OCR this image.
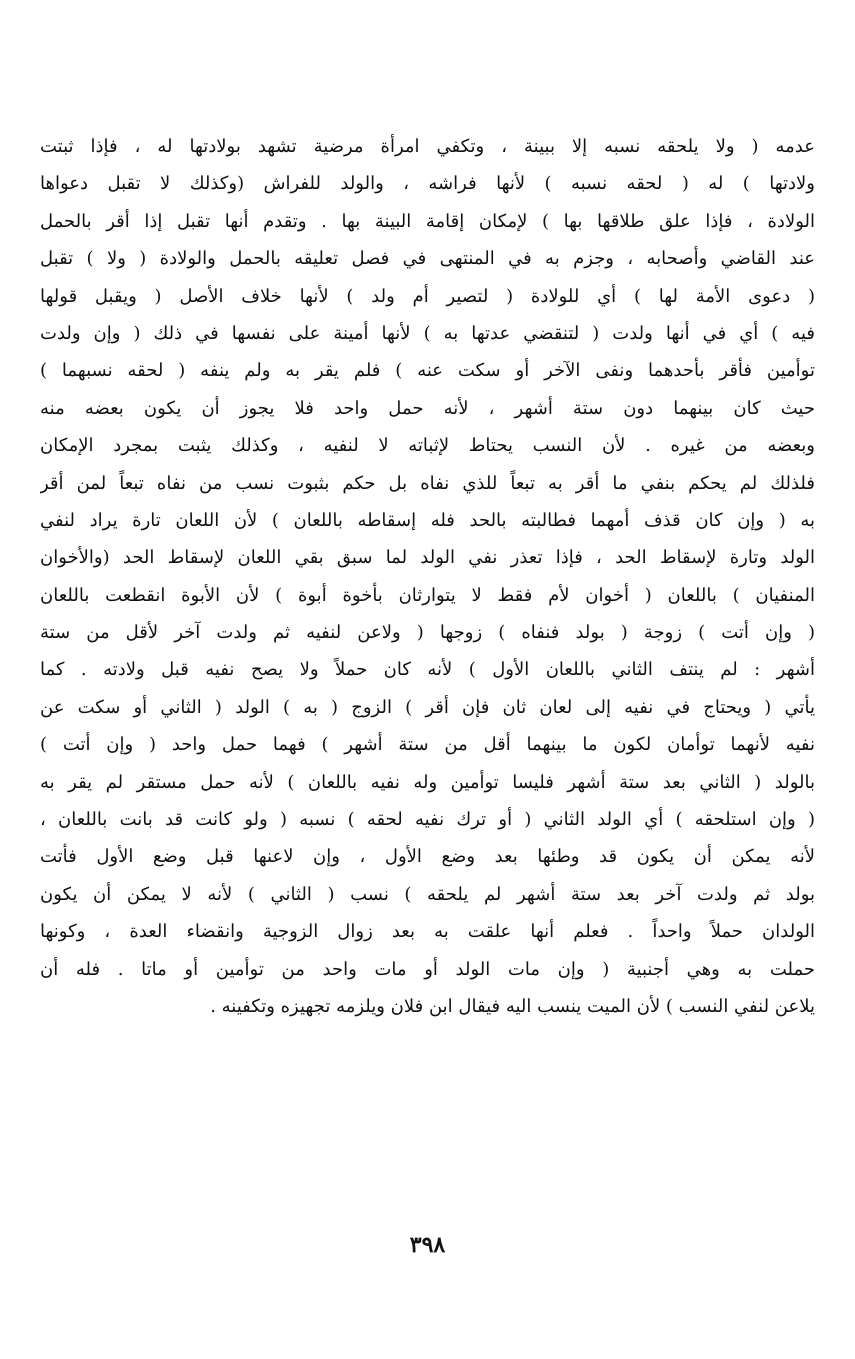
عدمه ( ولا يلحقه نسبه إلا ببينة ، وتكفي امرأة مرضية تشهد بولادتها له ، فإذا ثبتت
ولادتها ) له ( لحقه نسبه ) لأنها فراشه ، والولد للفراش (وكذلك لا تقبل دعواها
الولادة ، فإذا علق طلاقها بها ) لإمكان إقامة البينة بها . وتقدم أنها تقبل إذا أقر بالحمل
عند القاضي وأصحابه ، وجزم به في المنتهى في فصل تعليقه بالحمل والولادة ( ولا ) تقبل
( دعوى الأمة لها ) أي للولادة ( لتصير أم ولد ) لأنها خلاف الأصل ( ويقبل قولها
فيه ) أي في أنها ولدت ( لتنقضي عدتها به ) لأنها أمينة على نفسها في ذلك ( وإن ولدت
توأمين فأقر بأحدهما ونفى الآخر أو سكت عنه ) فلم يقر به ولم ينفه ( لحقه نسبهما )
حيث كان بينهما دون ستة أشهر ، لأنه حمل واحد فلا يجوز أن يكون بعضه منه
وبعضه من غيره . لأن النسب يحتاط لإثباته لا لنفيه ، وكذلك يثبت بمجرد الإمكان
فلذلك لم يحكم بنفي ما أقر به تبعاً للذي نفاه بل حكم بثبوت نسب من نفاه تبعاً لمن أقر
به ( وإن كان قذف أمهما فطالبته بالحد فله إسقاطه باللعان ) لأن اللعان تارة يراد لنفي
الولد وتارة لإسقاط الحد ، فإذا تعذر نفي الولد لما سبق بقي اللعان لإسقاط الحد (والأخوان
المنفيان ) باللعان ( أخوان لأم فقط لا يتوارثان بأخوة أبوة ) لأن الأبوة انقطعت باللعان
( وإن أتت ) زوجة ( بولد فنفاه ) زوجها ( ولاعن لنفيه ثم ولدت آخر لأقل من ستة
أشهر : لم ينتف الثاني باللعان الأول ) لأنه كان حملاً ولا يصح نفيه قبل ولادته . كما
يأتي ( ويحتاج في نفيه إلى لعان ثان فإن أقر ) الزوج ( به ) الولد ( الثاني أو سكت عن
نفيه لأنهما توأمان لكون ما بينهما أقل من ستة أشهر ) فهما حمل واحد ( وإن أتت )
بالولد ( الثاني بعد ستة أشهر فليسا توأمين وله نفيه باللعان ) لأنه حمل مستقر لم يقر به
( وإن استلحقه ) أي الولد الثاني ( أو ترك نفيه لحقه ) نسبه ( ولو كانت قد بانت باللعان ،
لأنه يمكن أن يكون قد وطئها بعد وضع الأول ، وإن لاعنها قبل وضع الأول فأتت
بولد ثم ولدت آخر بعد ستة أشهر لم يلحقه ) نسب ( الثاني ) لأنه لا يمكن أن يكون
الولدان حملاً واحداً . فعلم أنها علقت به بعد زوال الزوجية وانقضاء العدة ، وكونها
حملت به وهي أجنبية ( وإن مات الولد أو مات واحد من توأمين أو ماتا . فله أن
يلاعن لنفي النسب ) لأن الميت ينسب اليه فيقال ابن فلان ويلزمه تجهيزه وتكفينه .
٣٩٨
